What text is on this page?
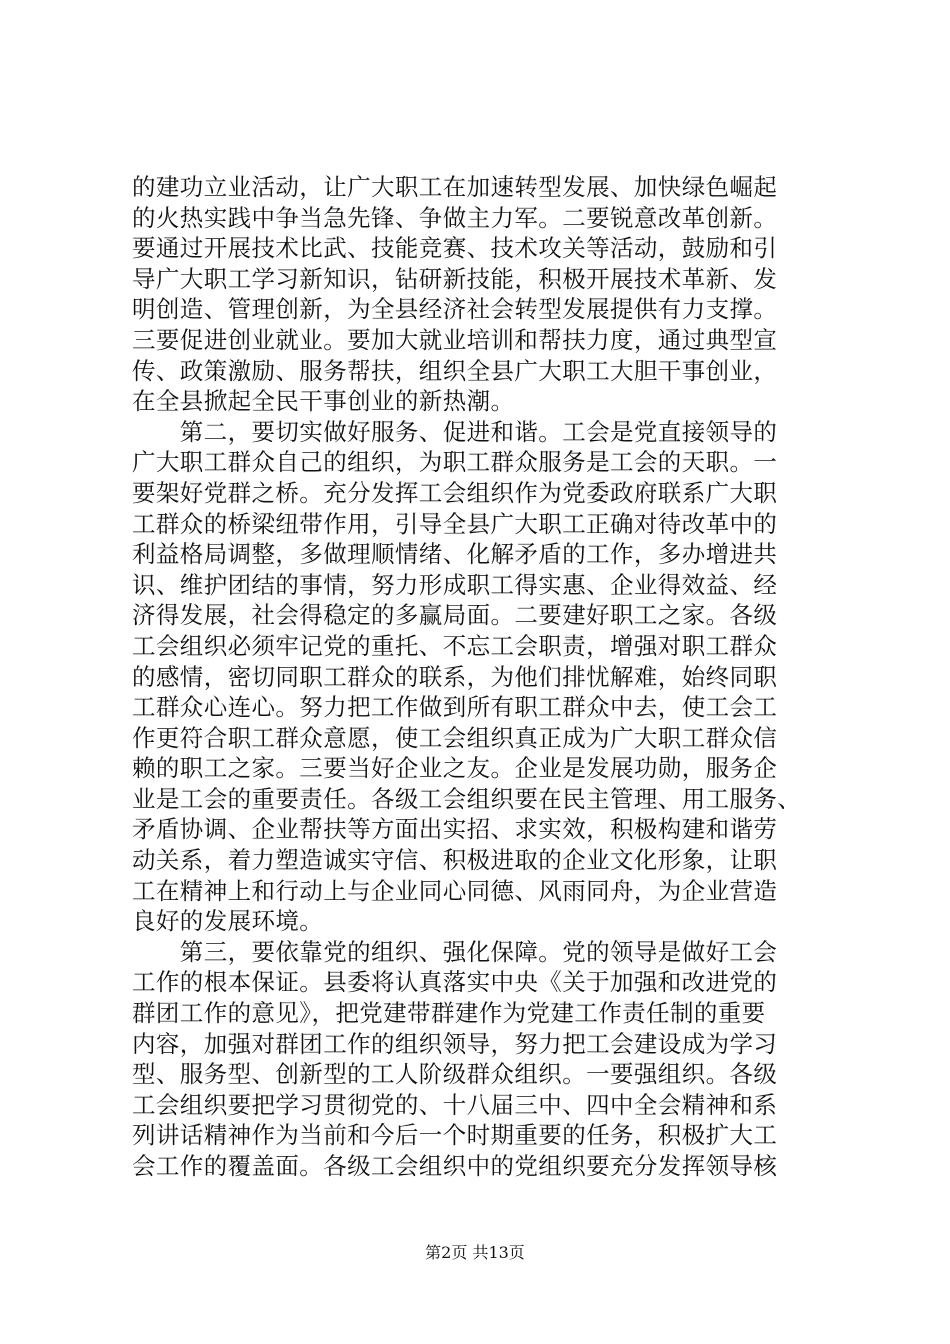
的建功立业活动，让广大职工在加速转型发展、加快绿色崛起
的火热实践中争当急先锋、争做主力军。二要锐意改革创新。
要通过开展技术比武、技能竞赛、技术攻关等活动，鼓励和引
导广大职工学习新知识，钻研新技能，积极开展技术革新、发
明创造、管理创新，为全县经济社会转型发展提供有力支撑。
三要促进创业就业。要加大就业培训和帮扶力度，通过典型宣
传、政策激励、服务帮扶，组织全县广大职工大胆干事创业，
在全县掀起全民干事创业的新热潮。
　　第二，要切实做好服务、促进和谐。工会是党直接领导的
广大职工群众自己的组织，为职工群众服务是工会的天职。一
要架好党群之桥。充分发挥工会组织作为党委政府联系广大职
工群众的桥梁纽带作用，引导全县广大职工正确对待改革中的
利益格局调整，多做理顺情绪、化解矛盾的工作，多办增进共
识、维护团结的事情，努力形成职工得实惠、企业得效益、经
济得发展，社会得稳定的多赢局面。二要建好职工之家。各级
工会组织必须牢记党的重托、不忘工会职责，增强对职工群众
的感情，密切同职工群众的联系，为他们排忧解难，始终同职
工群众心连心。努力把工作做到所有职工群众中去，使工会工
作更符合职工群众意愿，使工会组织真正成为广大职工群众信
赖的职工之家。三要当好企业之友。企业是发展功勋，服务企
业是工会的重要责任。各级工会组织要在民主管理、用工服务、
矛盾协调、企业帮扶等方面出实招、求实效，积极构建和谐劳
动关系，着力塑造诚实守信、积极进取的企业文化形象，让职
工在精神上和行动上与企业同心同德、风雨同舟，为企业营造
良好的发展环境。
　　第三，要依靠党的组织、强化保障。党的领导是做好工会
工作的根本保证。县委将认真落实中央《关于加强和改进党的
群团工作的意见》，把党建带群建作为党建工作责任制的重要
内容，加强对群团工作的组织领导，努力把工会建设成为学习
型、服务型、创新型的工人阶级群众组织。一要强组织。各级
工会组织要把学习贯彻党的、十八届三中、四中全会精神和系
列讲话精神作为当前和今后一个时期重要的任务，积极扩大工
会工作的覆盖面。各级工会组织中的党组织要充分发挥领导核
第2页 共13页
